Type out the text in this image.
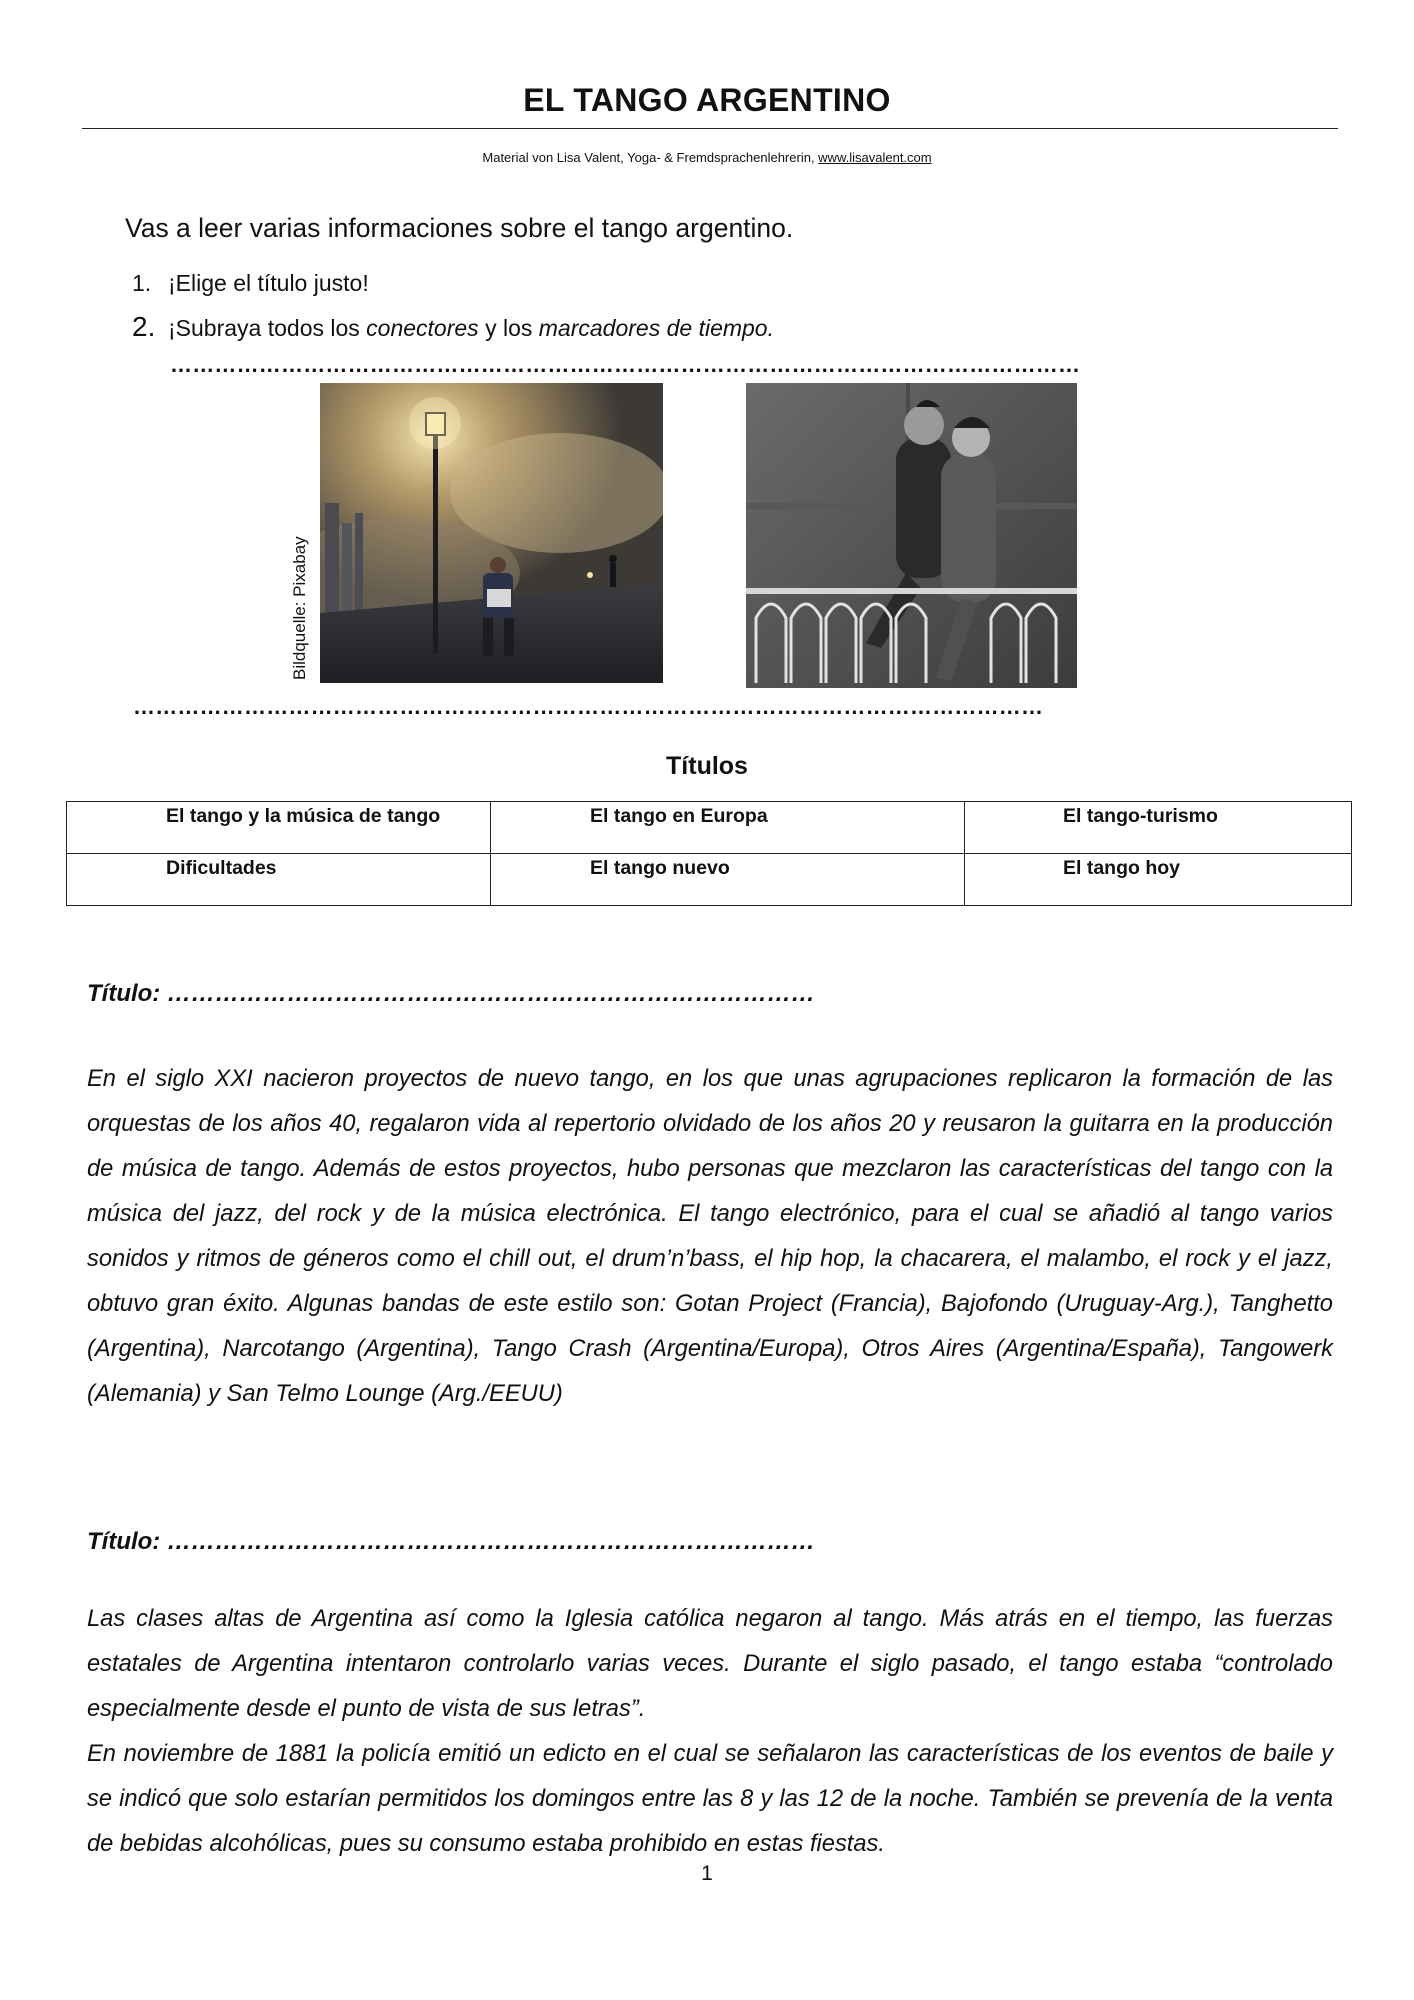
EL TANGO ARGENTINO
Material von Lisa Valent, Yoga- & Fremdsprachenlehrerin, www.lisavalent.com
Vas a leer varias informaciones sobre el tango argentino.
1. ¡Elige el título justo!
2. ¡Subraya todos los conectores y los marcadores de tiempo.
……………………………………………………………………………………………………………
Bildquelle: Pixabay
……………………………………………………………………………………………………………
Títulos
El tango y la música de tango	El tango en Europa	El tango-turismo

Dificultades	El tango nuevo	El tango hoy
Título: ………………………………………………………………………

En el siglo XXI nacieron proyectos de nuevo tango, en los que unas agrupaciones replicaron la formación de las orquestas de los años 40, regalaron vida al repertorio olvidado de los años 20 y reusaron la guitarra en la producción de música de tango. Además de estos proyectos, hubo personas que mezclaron las características del tango con la música del jazz, del rock y de la música electrónica. El tango electrónico, para el cual se añadió al tango varios sonidos y ritmos de géneros como el chill out, el drum’n’bass, el hip hop, la chacarera, el malambo, el rock y el jazz, obtuvo gran éxito. Algunas bandas de este estilo son: Gotan Project (Francia), Bajofondo (Uruguay-Arg.), Tanghetto (Argentina), Narcotango (Argentina), Tango Crash (Argentina/Europa), Otros Aires (Argentina/España), Tangowerk (Alemania) y San Telmo Lounge (Arg./EEUU)

Título: ………………………………………………………………………

Las clases altas de Argentina así como la Iglesia católica negaron al tango. Más atrás en el tiempo, las fuerzas estatales de Argentina intentaron controlarlo varias veces. Durante el siglo pasado, el tango estaba “controlado especialmente desde el punto de vista de sus letras”.

En noviembre de 1881 la policía emitió un edicto en el cual se señalaron las características de los eventos de baile y se indicó que solo estarían permitidos los domingos entre las 8 y las 12 de la noche. También se prevenía de la venta de bebidas alcohólicas, pues su consumo estaba prohibido en estas fiestas.

1
